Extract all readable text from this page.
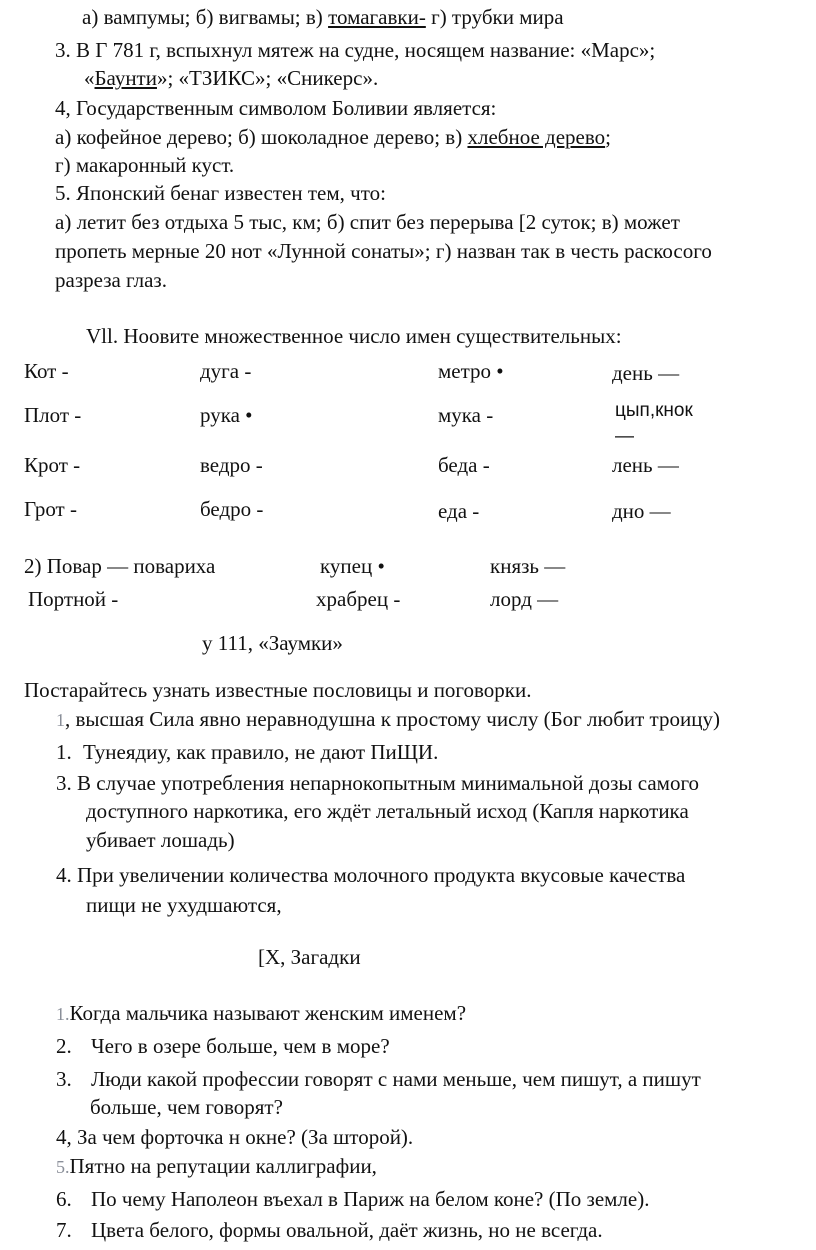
а) вампумы; б) вигвамы; в) томагавки- г) трубки мира
3. В Г 781 г, вспыхнул мятеж на судне, носящем название: «Марс»;
«Баунти»; «ТЗИКС»; «Сникерс».
4, Государственным символом Боливии является:
а) кофейное дерево; б) шоколадное дерево; в) хлебное дерево;
г) макаронный куст.
5. Японский бенаг известен тем, что:
а) летит без отдыха 5 тыс, км; б) спит без перерыва [2 суток; в) может
пропеть мерные 20 нот «Лунной сонаты»; г) назван так в честь раскосого
разреза глаз.
Vll. Ноовите множественное число имен существительных:
Кот -	дуга -	метро •	день —
Плот -	рука •	мука -	цып,кнок
—
Крот -	ведро -	беда -	лень —
Грот -	бедро -	еда -	дно —
2) Повар — повариха	купец •	князь —
Портной -	храбрец -	лорд —
у 111, «Заумки»
Постарайтесь узнать известные пословицы и поговорки.
1, высшая Сила явно неравнодушна к простому числу (Бог любит троицу)
1. Тунеядиу, как правило, не дают ПиЩИ.
3. В случае употребления непарнокопытным минимальной дозы самого
доступного наркотика, его ждёт летальный исход (Капля наркотика
убивает лошадь)
4. При увеличении количества молочного продукта вкусовые качества
пищи не ухудшаются,
[Х, Загадки
1.Когда мальчика называют женским именем?
2. Чего в озере больше, чем в море?
3. Люди какой профессии говорят с нами меньше, чем пишут, а пишут
больше, чем говорят?
4, За чем форточка н окне? (За шторой).
5.Пятно на репутации каллиграфии,
6. По чему Наполеон въехал в Париж на белом коне? (По земле).
7. Цвета белого, формы овальной, даёт жизнь, но не всегда.
